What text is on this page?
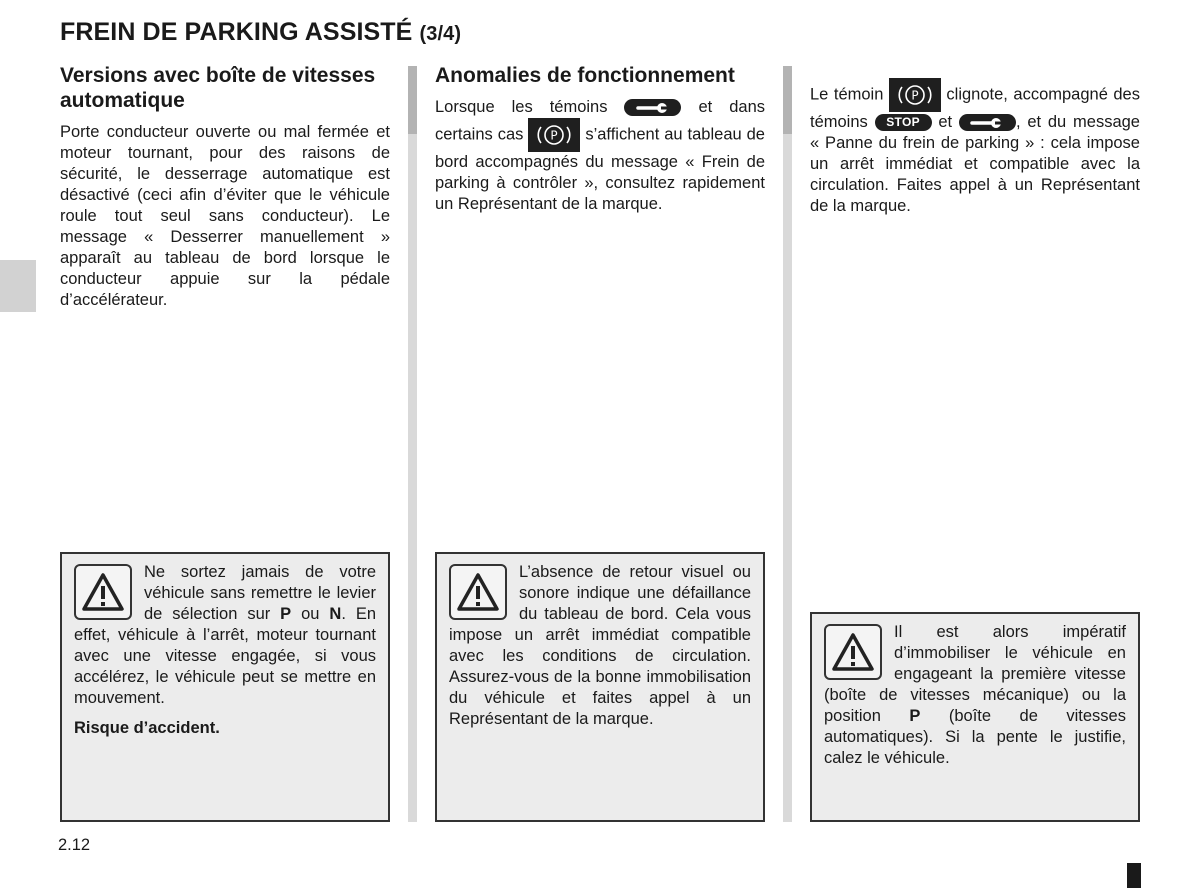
FREIN DE PARKING ASSISTÉ (3/4)
Versions avec boîte de vitesses automatique

Porte conducteur ouverte ou mal fermée et moteur tournant, pour des raisons de sécurité, le desserrage automatique est désactivé (ceci afin d’éviter que le véhicule roule tout seul sans conducteur). Le message « Desserrer manuellement » apparaît au tableau de bord lorsque le conducteur appuie sur la pédale d’accélérateur.

Ne sortez jamais de votre véhicule sans remettre le levier de sélection sur P ou N. En effet, véhicule à l’arrêt, moteur tournant avec une vitesse engagée, si vous accélérez, le véhicule peut se mettre en mouvement.

Risque d’accident.

Anomalies de fonctionnement

Lorsque les témoins	et dans certains cas P s’affichent au tableau de bord accompagnés du message « Frein de parking à contrôler », consultez rapidement un Représentant de la marque.

L’absence de retour visuel ou sonore indique une défaillance du tableau de bord. Cela vous impose un arrêt immédiat compatible avec les conditions de circulation. Assurez-vous de la bonne immobilisation du véhicule et faites appel à un Représentant de la marque.

Le témoin P clignote, accompagné des témoins STOP et	, et du message « Panne du frein de parking » : cela impose un arrêt immédiat et compatible avec la circulation. Faites appel à un Représentant de la marque.

Il est alors impératif d’immobiliser le véhicule en engageant la première vitesse (boîte de vitesses mécanique) ou la position P (boîte de vitesses automatiques). Si la pente le justifie, calez le véhicule.

2.12
